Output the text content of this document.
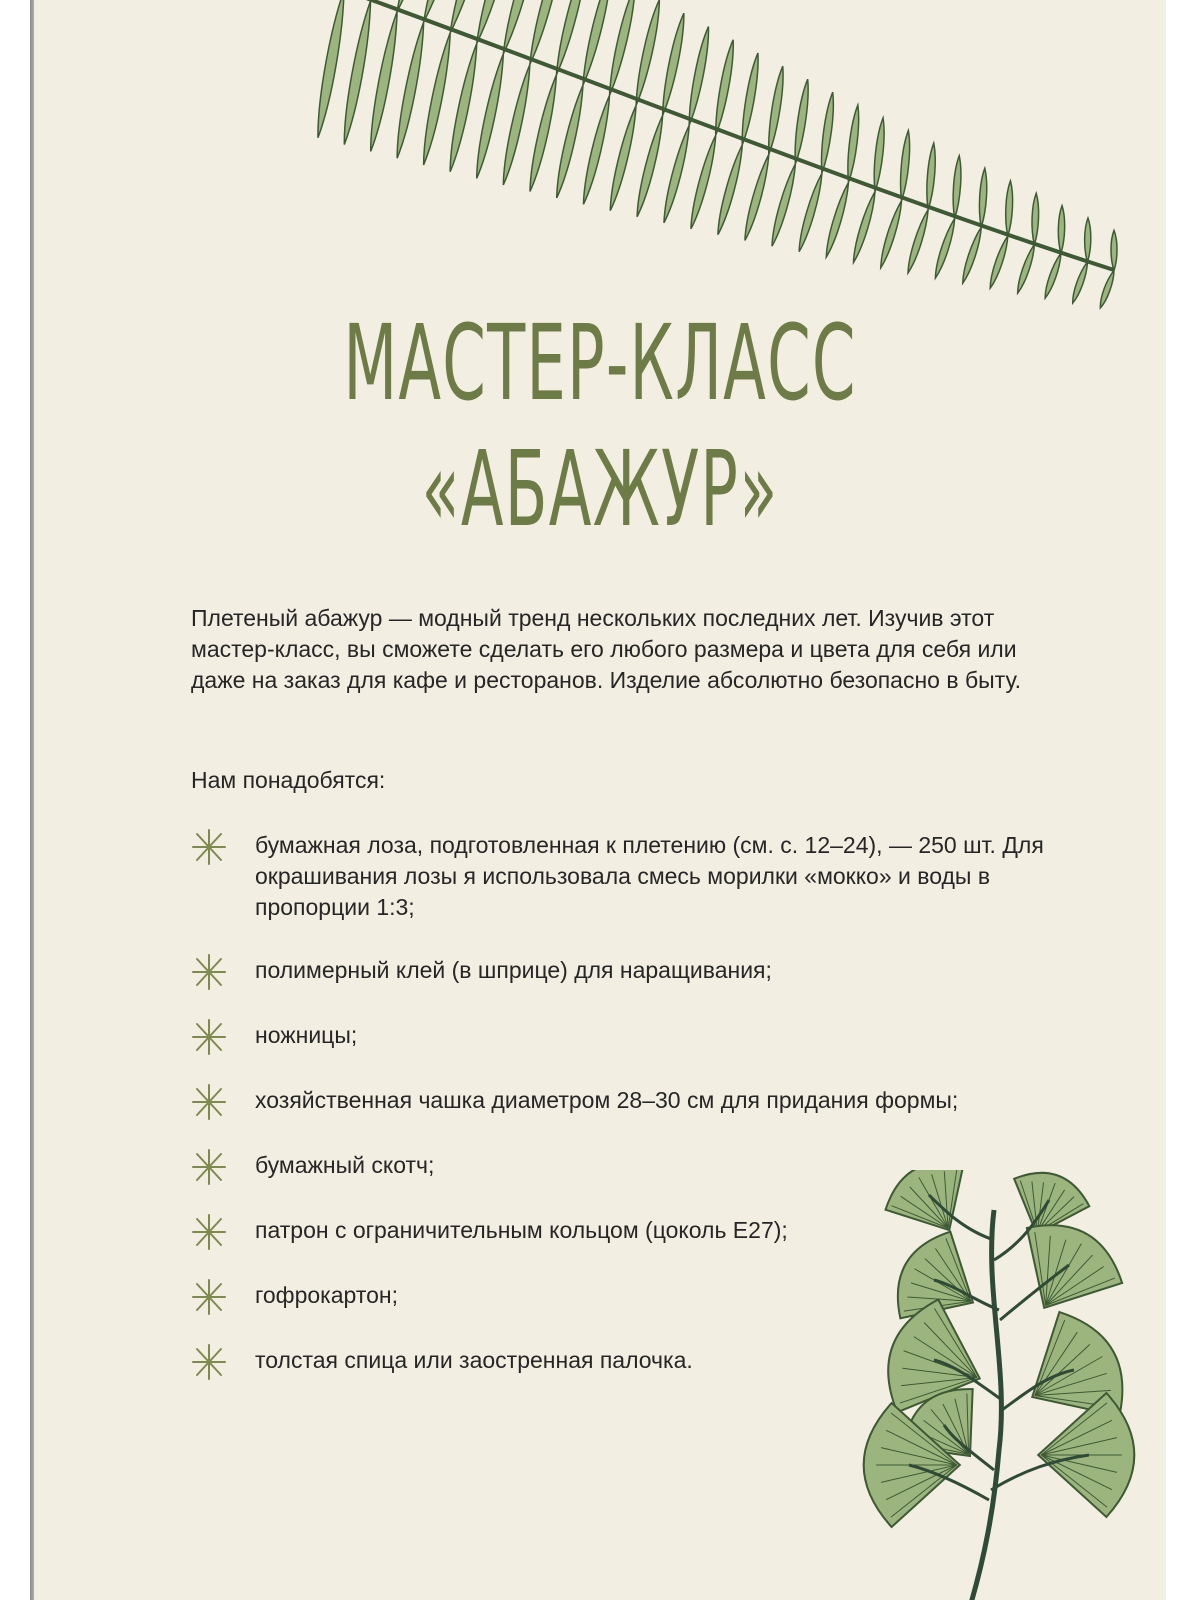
МАСТЕР-КЛАСС
«АБАЖУР»

Плетеный абажур — модный тренд нескольких последних лет. Изучив этот мастер-класс, вы сможете сделать его любого размера и цвета для себя или даже на заказ для кафе и ресторанов. Изделие абсолютно безопасно в быту.

Нам понадобятся:

бумажная лоза, подготовленная к плетению (см. с. 12–24), — 250 шт. Для окрашивания лозы я использовала смесь морилки «мокко» и воды в пропорции 1:3;

полимерный клей (в шприце) для наращивания;

ножницы;

хозяйственная чашка диаметром 28–30 см для придания формы;

бумажный скотч;

патрон с ограничительным кольцом (цоколь E27);

гофрокартон;

толстая спица или заостренная палочка.
